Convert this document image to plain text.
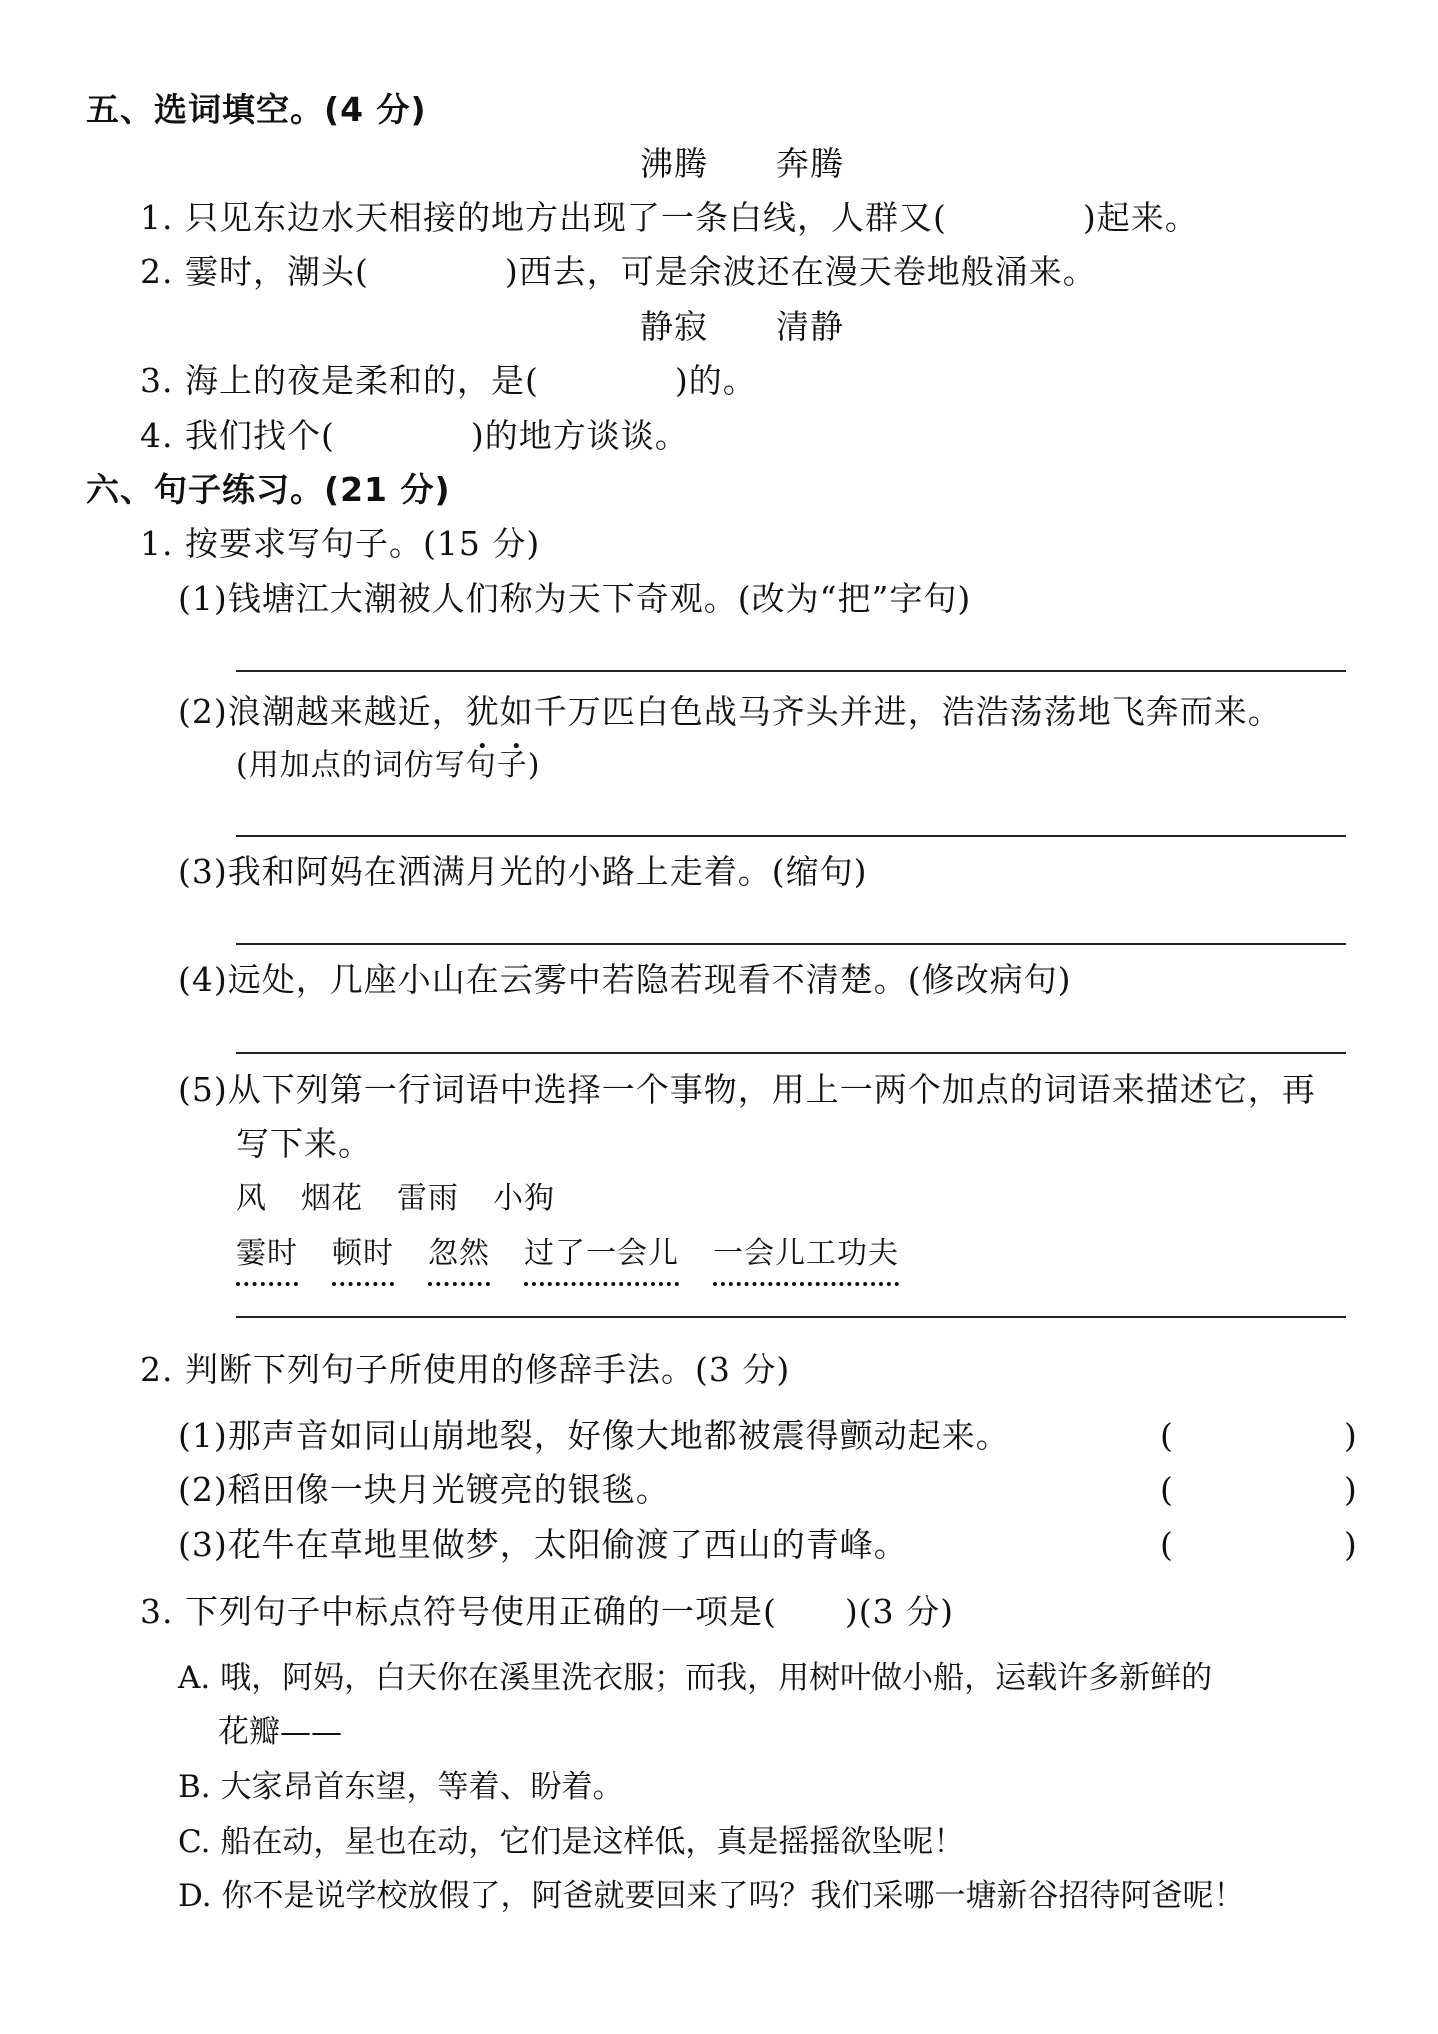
五、选词填空。(4 分)
沸腾　　奔腾
1. 只见东边水天相接的地方出现了一条白线，人群又(　　　　)起来。
2. 霎时，潮头(　　　　)西去，可是余波还在漫天卷地般涌来。
静寂　　清静
3. 海上的夜是柔和的，是(　　　　)的。
4. 我们找个(　　　　)的地方谈谈。
六、句子练习。(21 分)
1. 按要求写句子。(15 分)
(1)钱塘江大潮被人们称为天下奇观。(改为“把”字句)
(2)浪潮越来越近，犹如千万匹白色战马齐头并进，浩浩荡荡地飞奔而来。
(用加点的词仿写句子)
(3)我和阿妈在洒满月光的小路上走着。(缩句)
(4)远处，几座小山在云雾中若隐若现看不清楚。(修改病句)
(5)从下列第一行词语中选择一个事物，用上一两个加点的词语来描述它，再
写下来。
风 烟花 雷雨 小狗
霎时 顿时 忽然 过了一会儿 一会儿工功夫
2. 判断下列句子所使用的修辞手法。(3 分)
(1)那声音如同山崩地裂，好像大地都被震得颤动起来。	(　　　　　)
(2)稻田像一块月光镀亮的银毯。	(　　　　　)
(3)花牛在草地里做梦，太阳偷渡了西山的青峰。	(　　　　　)
3. 下列句子中标点符号使用正确的一项是(　　)(3 分)
A. 哦，阿妈，白天你在溪里洗衣服；而我，用树叶做小船，运载许多新鲜的
花瓣——
B. 大家昂首东望，等着、盼着。
C. 船在动，星也在动，它们是这样低，真是摇摇欲坠呢！
D. 你不是说学校放假了，阿爸就要回来了吗？我们采哪一塘新谷招待阿爸呢！
